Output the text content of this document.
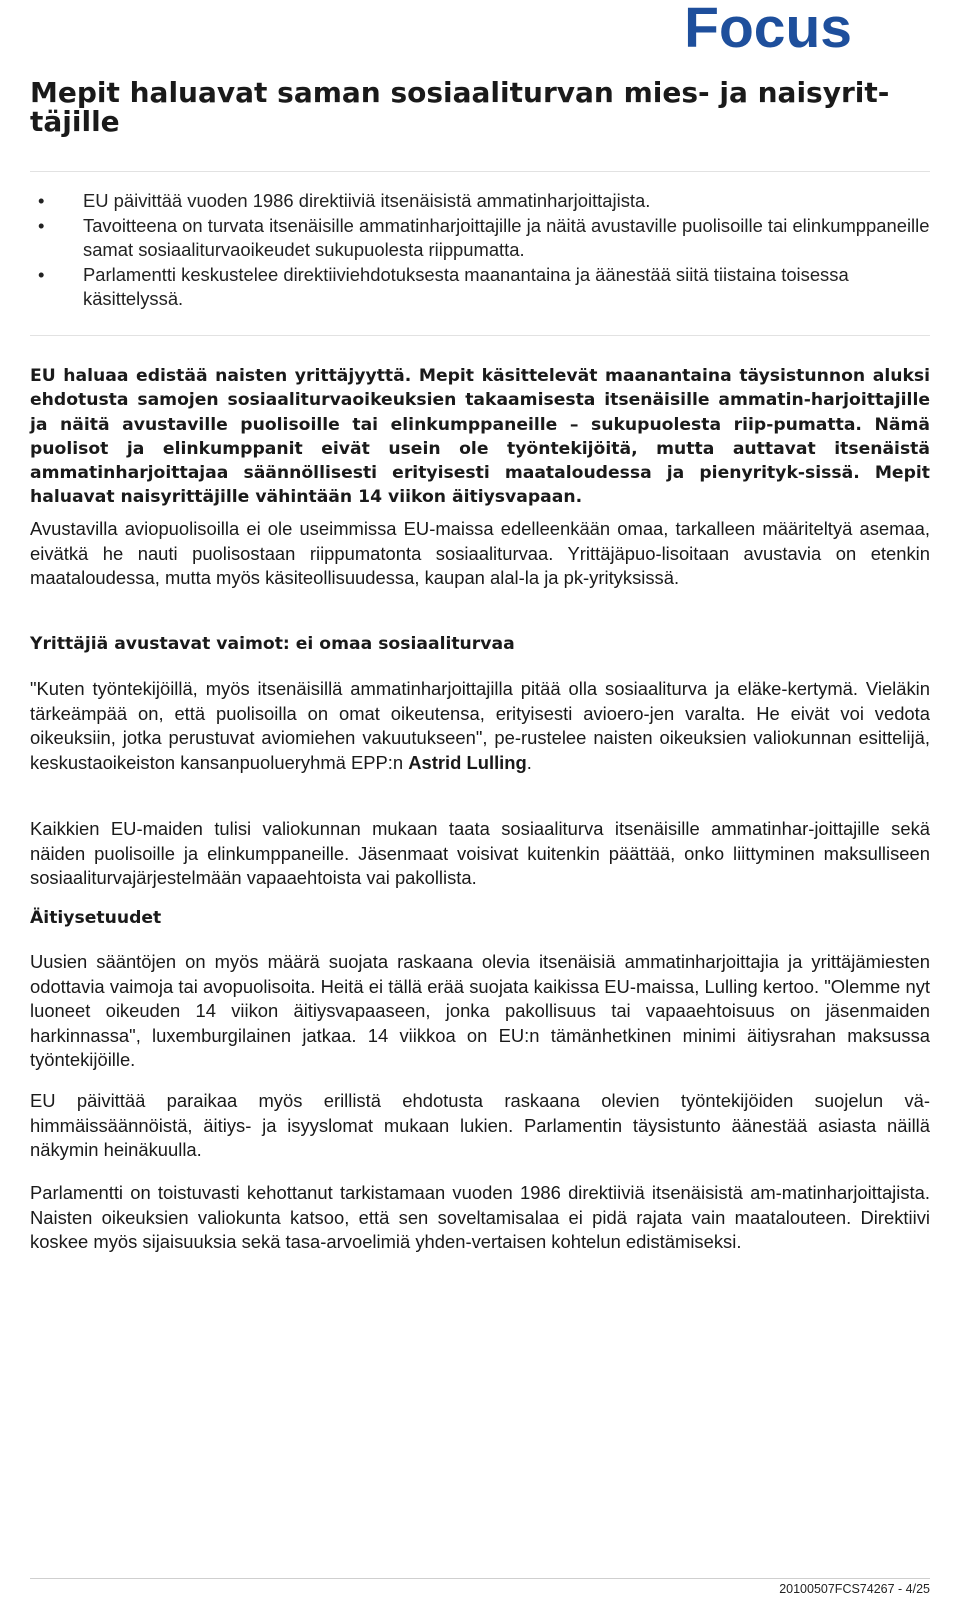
Focus
Mepit haluavat saman sosiaaliturvan mies- ja naisyrit-täjille
• EU päivittää vuoden 1986 direktiiviä itsenäisistä ammatinharjoittajista.
• Tavoitteena on turvata itsenäisille ammatinharjoittajille ja näitä avustaville puolisoille tai elinkumppaneille samat sosiaaliturvaoikeudet sukupuolesta riippumatta.
• Parlamentti keskustelee direktiiviehdotuksesta maanantaina ja äänestää siitä tiistaina toisessa käsittelyssä.

EU haluaa edistää naisten yrittäjyyttä. Mepit käsittelevät maanantaina täysistunnon aluksi ehdotusta samojen sosiaaliturvaoikeuksien takaamisesta itsenäisille ammatin-harjoittajille ja näitä avustaville puolisoille tai elinkumppaneille – sukupuolesta riip-pumatta. Nämä puolisot ja elinkumppanit eivät usein ole työntekijöitä, mutta auttavat itsenäistä ammatinharjoittajaa säännöllisesti erityisesti maataloudessa ja pienyrityk-sissä. Mepit haluavat naisyrittäjille vähintään 14 viikon äitiysvapaan.

Avustavilla aviopuolisoilla ei ole useimmissa EU-maissa edelleenkään omaa, tarkalleen määriteltyä asemaa, eivätkä he nauti puolisostaan riippumatonta sosiaaliturvaa. Yrittäjäpuo-lisoitaan avustavia on etenkin maataloudessa, mutta myös käsiteollisuudessa, kaupan alal-la ja pk-yrityksissä.

Yrittäjiä avustavat vaimot: ei omaa sosiaaliturvaa

"Kuten työntekijöillä, myös itsenäisillä ammatinharjoittajilla pitää olla sosiaaliturva ja eläke-kertymä. Vieläkin tärkeämpää on, että puolisoilla on omat oikeutensa, erityisesti avioero-jen varalta. He eivät voi vedota oikeuksiin, jotka perustuvat aviomiehen vakuutukseen", pe-rustelee naisten oikeuksien valiokunnan esittelijä, keskustaoikeiston kansanpuolueryhmä EPP:n Astrid Lulling.

Kaikkien EU-maiden tulisi valiokunnan mukaan taata sosiaaliturva itsenäisille ammatinhar-joittajille sekä näiden puolisoille ja elinkumppaneille. Jäsenmaat voisivat kuitenkin päättää, onko liittyminen maksulliseen sosiaaliturvajärjestelmään vapaaehtoista vai pakollista.

Äitiysetuudet

Uusien sääntöjen on myös määrä suojata raskaana olevia itsenäisiä ammatinharjoittajia ja yrittäjämiesten odottavia vaimoja tai avopuolisoita. Heitä ei tällä erää suojata kaikissa EU-maissa, Lulling kertoo. "Olemme nyt luoneet oikeuden 14 viikon äitiysvapaaseen, jonka pakollisuus tai vapaaehtoisuus on jäsenmaiden harkinnassa", luxemburgilainen jatkaa. 14 viikkoa on EU:n tämänhetkinen minimi äitiysrahan maksussa työntekijöille.

EU päivittää paraikaa myös erillistä ehdotusta raskaana olevien työntekijöiden suojelun vä-himmäissäännöistä, äitiys- ja isyyslomat mukaan lukien. Parlamentin täysistunto äänestää asiasta näillä näkymin heinäkuulla.

Parlamentti on toistuvasti kehottanut tarkistamaan vuoden 1986 direktiiviä itsenäisistä am-matinharjoittajista. Naisten oikeuksien valiokunta katsoo, että sen soveltamisalaa ei pidä rajata vain maatalouteen. Direktiivi koskee myös sijaisuuksia sekä tasa-arvoelimiä yhden-vertaisen kohtelun edistämiseksi.

20100507FCS74267 - 4/25
